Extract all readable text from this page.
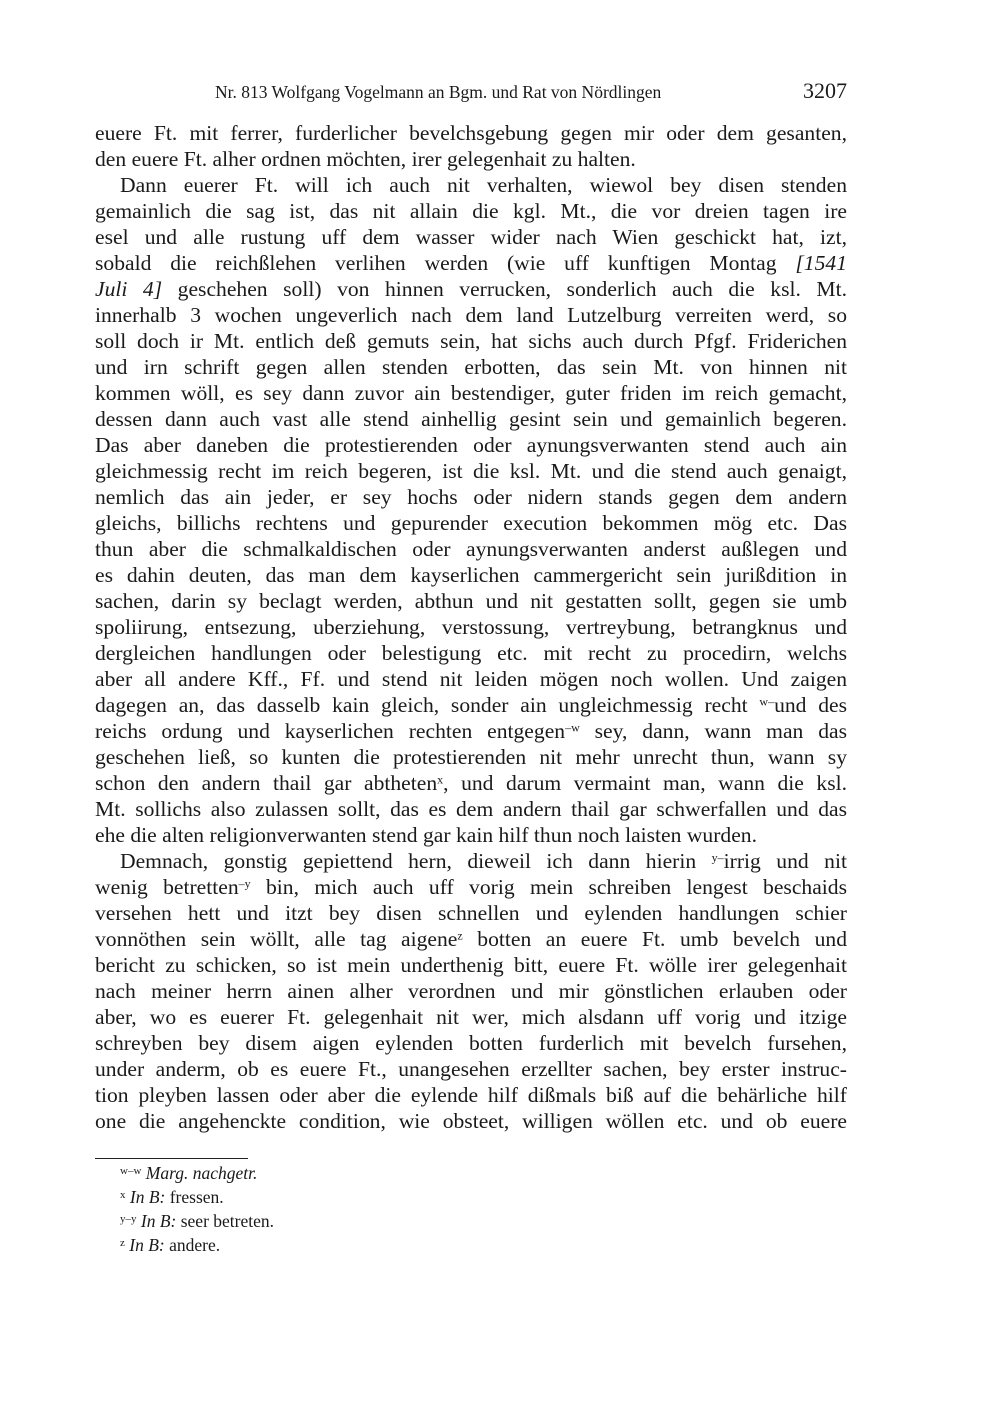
Nr. 813 Wolfgang Vogelmann an Bgm. und Rat von Nördlingen	3207
euere Ft. mit ferrer, furderlicher bevelchsgebung gegen mir oder dem gesanten,
den euere Ft. alher ordnen möchten, irer gelegenhait zu halten.
Dann euerer Ft. will ich auch nit verhalten, wiewol bey disen stenden
gemainlich die sag ist, das nit allain die kgl. Mt., die vor dreien tagen ire
esel und alle rustung uff dem wasser wider nach Wien geschickt hat, izt,
sobald die reichßlehen verlihen werden (wie uff kunftigen Montag [1541
Juli 4] geschehen soll) von hinnen verrucken, sonderlich auch die ksl. Mt.
innerhalb 3 wochen ungeverlich nach dem land Lutzelburg verreiten werd, so
soll doch ir Mt. entlich deß gemuts sein, hat sichs auch durch Pfgf. Friderichen
und irn schrift gegen allen stenden erbotten, das sein Mt. von hinnen nit
kommen wöll, es sey dann zuvor ain bestendiger, guter friden im reich gemacht,
dessen dann auch vast alle stend ainhellig gesint sein und gemainlich begeren.
Das aber daneben die protestierenden oder aynungsverwanten stend auch ain
gleichmessig recht im reich begeren, ist die ksl. Mt. und die stend auch genaigt,
nemlich das ain jeder, er sey hochs oder nidern stands gegen dem andern
gleichs, billichs rechtens und gepurender execution bekommen mög etc. Das
thun aber die schmalkaldischen oder aynungsverwanten anderst außlegen und
es dahin deuten, das man dem kayserlichen cammergericht sein jurißdition in
sachen, darin sy beclagt werden, abthun und nit gestatten sollt, gegen sie umb
spoliirung, entsezung, uberziehung, verstossung, vertreybung, betrangknus und
dergleichen handlungen oder belestigung etc. mit recht zu procedirn, welchs
aber all andere Kff., Ff. und stend nit leiden mögen noch wollen. Und zaigen
dagegen an, das dasselb kain gleich, sonder ain ungleichmessig recht $^{w-}$und des
reichs ordung und kayserlichen rechten entgegen$^{-w}$ sey, dann, wann man das
geschehen ließ, so kunten die protestierenden nit mehr unrecht thun, wann sy
schon den andern thail gar abtheten$^x$, und darum vermaint man, wann die ksl.
Mt. sollichs also zulassen sollt, das es dem andern thail gar schwerfallen und das
ehe die alten religionverwanten stend gar kain hilf thun noch laisten wurden.
Demnach, gonstig gepiettend hern, dieweil ich dann hierin $^{y-}$irrig und nit
wenig betretten$^{-y}$ bin, mich auch uff vorig mein schreiben lengest beschaids
versehen hett und itzt bey disen schnellen und eylenden handlungen schier
vonnöthen sein wöllt, alle tag aigene$^z$ botten an euere Ft. umb bevelch und
bericht zu schicken, so ist mein underthenig bitt, euere Ft. wölle irer gelegenhait
nach meiner herrn ainen alher verordnen und mir gönstlichen erlauben oder
aber, wo es euerer Ft. gelegenhait nit wer, mich alsdann uff vorig und itzige
schreyben bey disem aigen eylenden botten furderlich mit bevelch fursehen,
under anderm, ob es euere Ft., unangesehen erzellter sachen, bey erster instruc-
tion pleyben lassen oder aber die eylende hilf dißmals biß auf die behärliche hilf
one die angehenckte condition, wie obsteet, willigen wöllen etc. und ob euere
$^{w-w}$ Marg. nachgetr.
$^x$ In B: fressen.
$^{y-y}$ In B: seer betreten.
$^z$ In B: andere.
